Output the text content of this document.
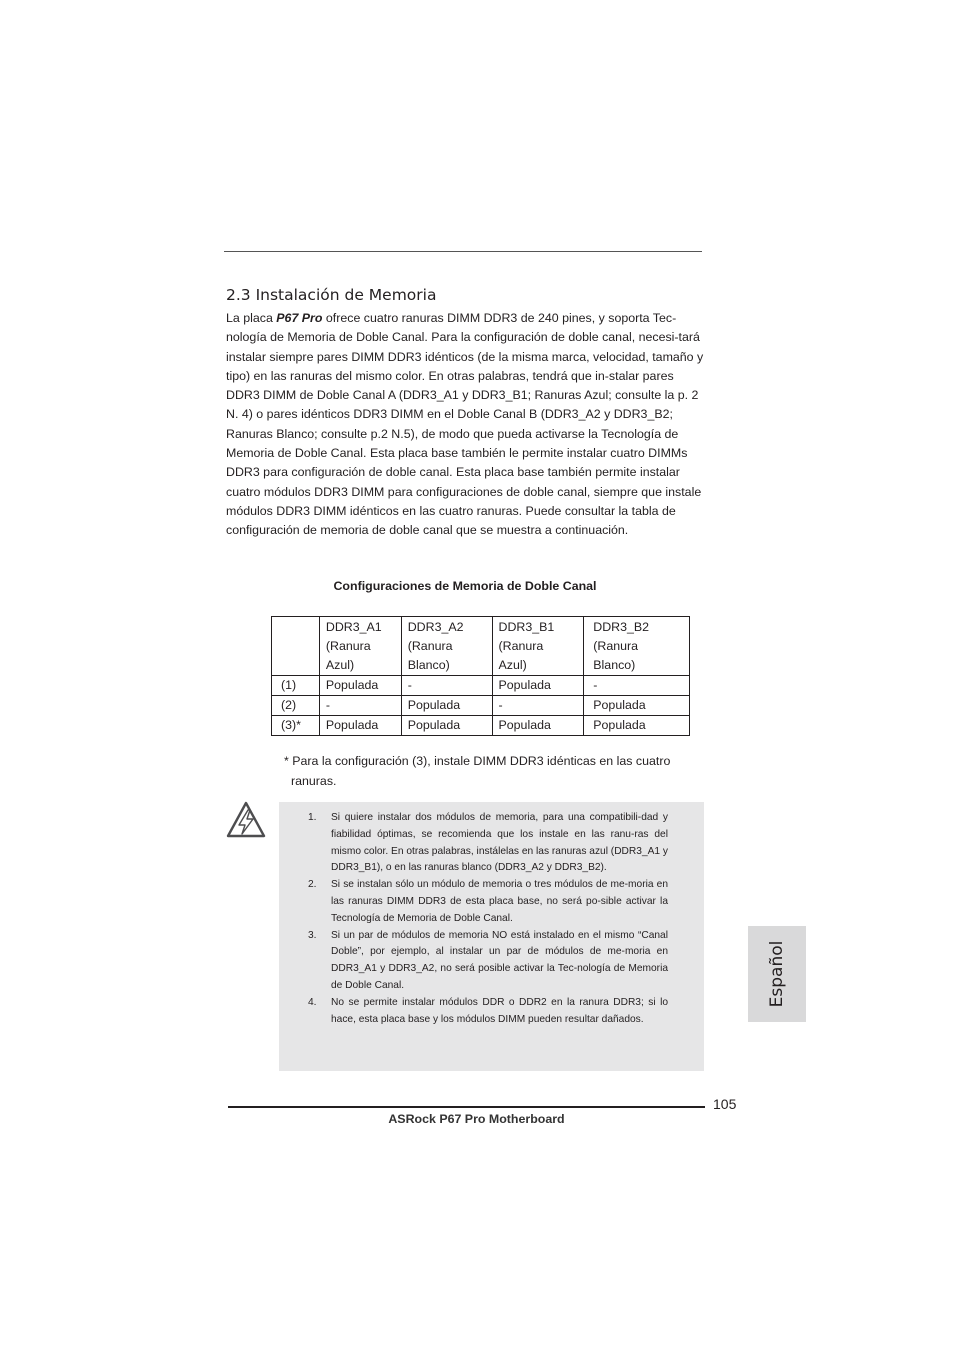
2.3 Instalación de Memoria

La placa P67 Pro ofrece cuatro ranuras DIMM DDR3 de 240 pines, y soporta Tec-nología de Memoria de Doble Canal. Para la configuración de doble canal, necesi-tará instalar siempre pares DIMM DDR3 idénticos (de la misma marca, velocidad, tamaño y tipo) en las ranuras del mismo color. En otras palabras, tendrá que in-stalar pares DDR3 DIMM de Doble Canal A (DDR3_A1 y DDR3_B1; Ranuras Azul; consulte la p. 2 N. 4) o pares idénticos DDR3 DIMM en el Doble Canal B (DDR3_A2 y DDR3_B2; Ranuras Blanco; consulte p.2 N.5), de modo que pueda activarse la Tecnología de Memoria de Doble Canal. Esta placa base también le permite instalar cuatro DIMMs DDR3 para configuración de doble canal. Esta placa base también permite instalar cuatro módulos DDR3 DIMM para configuraciones de doble canal, siempre que instale módulos DDR3 DIMM idénticos en las cuatro ranuras. Puede consultar la tabla de configuración de memoria de doble canal que se muestra a continuación.

Configuraciones de Memoria de Doble Canal
	DDR3_A1
(Ranura
Azul)	DDR3_A2
(Ranura
Blanco)	DDR3_B1
(Ranura
Azul)	DDR3_B2
(Ranura
Blanco)
(1)	Populada	-	Populada	-
(2)	-	Populada	-	Populada
(3)*	Populada	Populada	Populada	Populada
* Para la configuración (3), instale DIMM DDR3 idénticas en las cuatro
ranuras.
1. Si quiere instalar dos módulos de memoria, para una compatibili-dad y fiabilidad óptimas, se recomienda que los instale en las ranu-ras del mismo color. En otras palabras, instálelas en las ranuras azul (DDR3_A1 y DDR3_B1), o en las ranuras blanco (DDR3_A2 y DDR3_B2).
2. Si se instalan sólo un módulo de memoria o tres módulos de me-moria en las ranuras DIMM DDR3 de esta placa base, no será po-sible activar la Tecnología de Memoria de Doble Canal.
3. Si un par de módulos de memoria NO está instalado en el mismo “Canal Doble”, por ejemplo, al instalar un par de módulos de me-moria en DDR3_A1 y DDR3_A2, no será posible activar la Tec-nología de Memoria de Doble Canal.
4. No se permite instalar módulos DDR o DDR2 en la ranura DDR3; si lo hace, esta placa base y los módulos DIMM pueden resultar dañados.
Español
105
ASRock P67 Pro Motherboard
